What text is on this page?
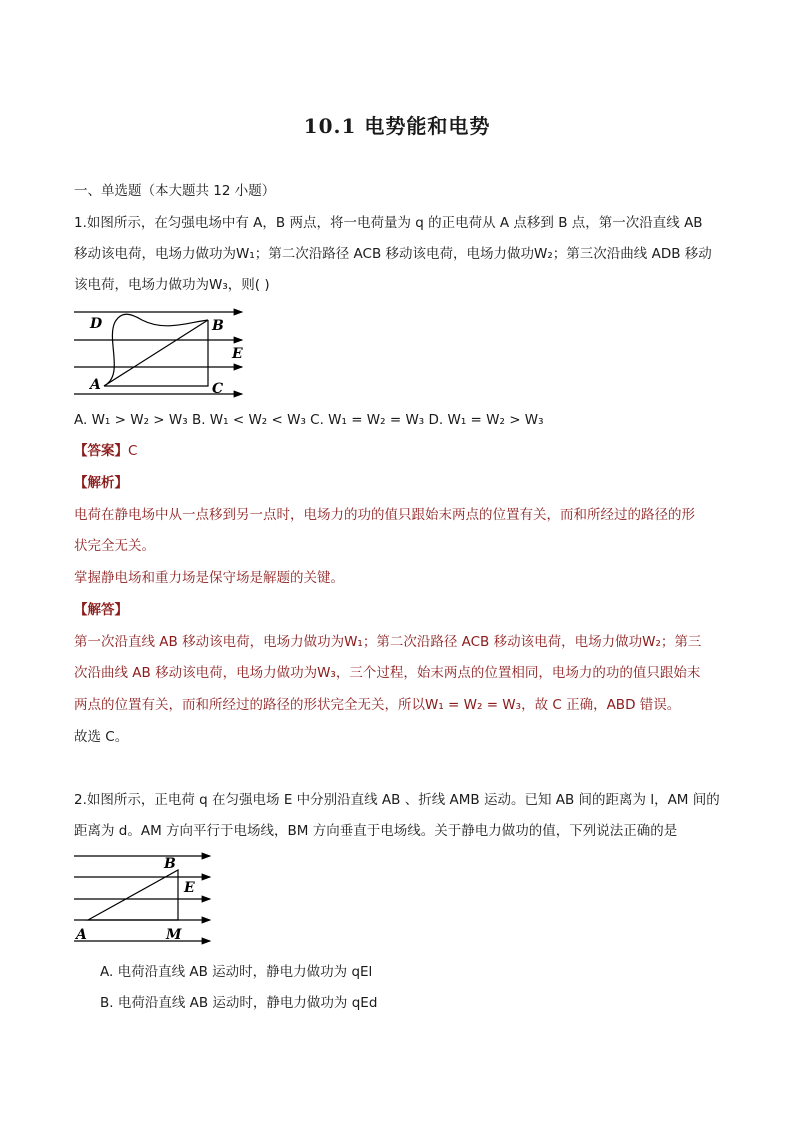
10.1 电势能和电势
一、单选题（本大题共 12 小题）
1.如图所示，在匀强电场中有 A，B 两点，将一电荷量为 q 的正电荷从 A 点移到 B 点，第一次沿直线 AB
移动该电荷，电场力做功为W₁；第二次沿路径 ACB 移动该电荷，电场力做功W₂；第三次沿曲线 ADB 移动
该电荷，电场力做功为W₃，则( )
D	B
E
A	C
A. W₁ > W₂ > W₃ B. W₁ < W₂ < W₃ C. W₁ = W₂ = W₃ D. W₁ = W₂ > W₃
【答案】C
【解析】
电荷在静电场中从一点移到另一点时，电场力的功的值只跟始末两点的位置有关，而和所经过的路径的形
状完全无关。
掌握静电场和重力场是保守场是解题的关键。
【解答】
第一次沿直线 AB 移动该电荷，电场力做功为W₁；第二次沿路径 ACB 移动该电荷，电场力做功W₂；第三
次沿曲线 AB 移动该电荷，电场力做功为W₃，三个过程，始末两点的位置相同，电场力的功的值只跟始末
两点的位置有关，而和所经过的路径的形状完全无关，所以W₁ = W₂ = W₃，故 C 正确，ABD 错误。
故选 C。
2.如图所示，正电荷 q 在匀强电场 E 中分别沿直线 AB 、折线 AMB 运动。已知 AB 间的距离为 l，AM 间的
距离为 d。AM 方向平行于电场线，BM 方向垂直于电场线。关于静电力做功的值，下列说法正确的是
B
E
A	M
A. 电荷沿直线 AB 运动时，静电力做功为 qEl
B. 电荷沿直线 AB 运动时，静电力做功为 qEd
